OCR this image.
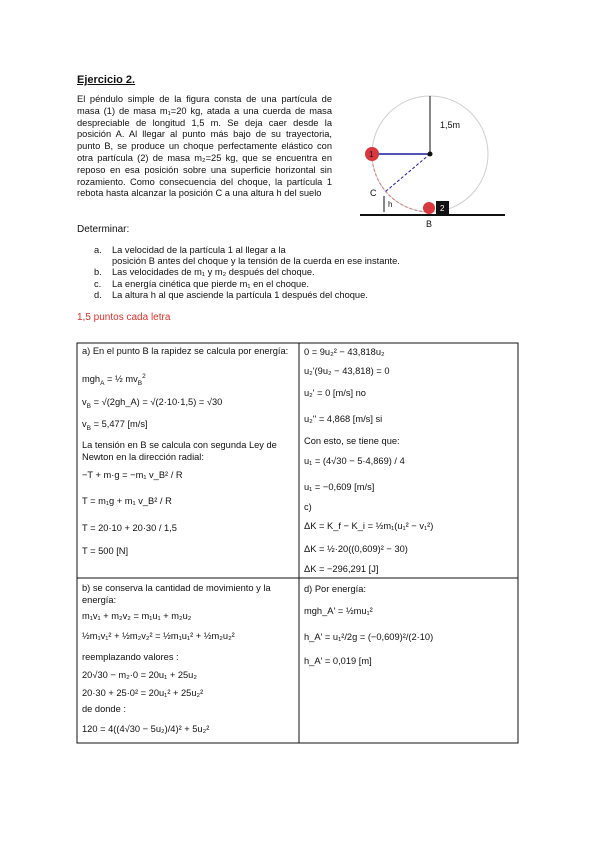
Ejercicio 2.
El péndulo simple de la figura consta de una partícula de masa (1) de masa m₁=20 kg, atada a una cuerda de masa despreciable de longitud 1,5 m. Se deja caer desde la posición A. Al llegar al punto más bajo de su trayectoria, punto B, se produce un choque perfectamente elástico con otra partícula (2) de masa m₂=25 kg, que se encuentra en reposo en esa posición sobre una superficie horizontal sin rozamiento. Como consecuencia del choque, la partícula 1 rebota hasta alcanzar la posición C a una altura h del suelo
1
2
1,5m
C
h
B
Determinar:
a.	La velocidad de la partícula 1 al llegar a la
posición B antes del choque y la tensión de la cuerda en ese instante.
b.	Las velocidades de m₁ y m₂ después del choque.
c.	La energía cinética que pierde m₁ en el choque.
d.	La altura h al que asciende la partícula 1 después del choque.
1,5 puntos cada letra
a) En el punto B la rapidez se calcula por energía:
mgh$_A$ = ½ $mv_B^2$
$v_B$ = √(2gh_A) = √(2·10·1,5) = √30
$v_B = 5,477$ [m/s]
La tensión en B se calcula con segunda Ley de Newton en la dirección radial:
−T + m·g = −m₁ v_B² / R
T = m₁g + m₁ v_B² / R
T = 20·10 + 20·30 / 1,5
T = 500 [N]
b) se conserva la cantidad de movimiento y la energía:
m₁v₁ + m₂v₂ = m₁u₁ + m₂u₂
½m₁v₁² + ½m₂v₂² = ½m₁u₁² + ½m₂u₂²
reemplazando valores :
20√30 − m₂·0 = 20u₁ + 25u₂
20·30 + 25·0² = 20u₁² + 25u₂²
de donde :
120 = 4((4√30 − 5u₂)/4)² + 5u₂²
0 = 9u₂² − 43,818u₂
u₂'(9u₂ − 43,818) = 0
u₂' = 0 [m/s] no
u₂'' = 4,868 [m/s] si
Con esto, se tiene que:
u₁ = (4√30 − 5·4,869) / 4
u₁ = −0,609 [m/s]
c)
ΔK = K_f − K_i = ½m₁(u₁² − v₁²)
ΔK = ½·20((0,609)² − 30)
ΔK = −296,291 [J]
d) Por energía:
mgh_A' = ½mu₁²
h_A' = u₁²/2g = (−0,609)²/(2·10)
h_A' = 0,019 [m]
